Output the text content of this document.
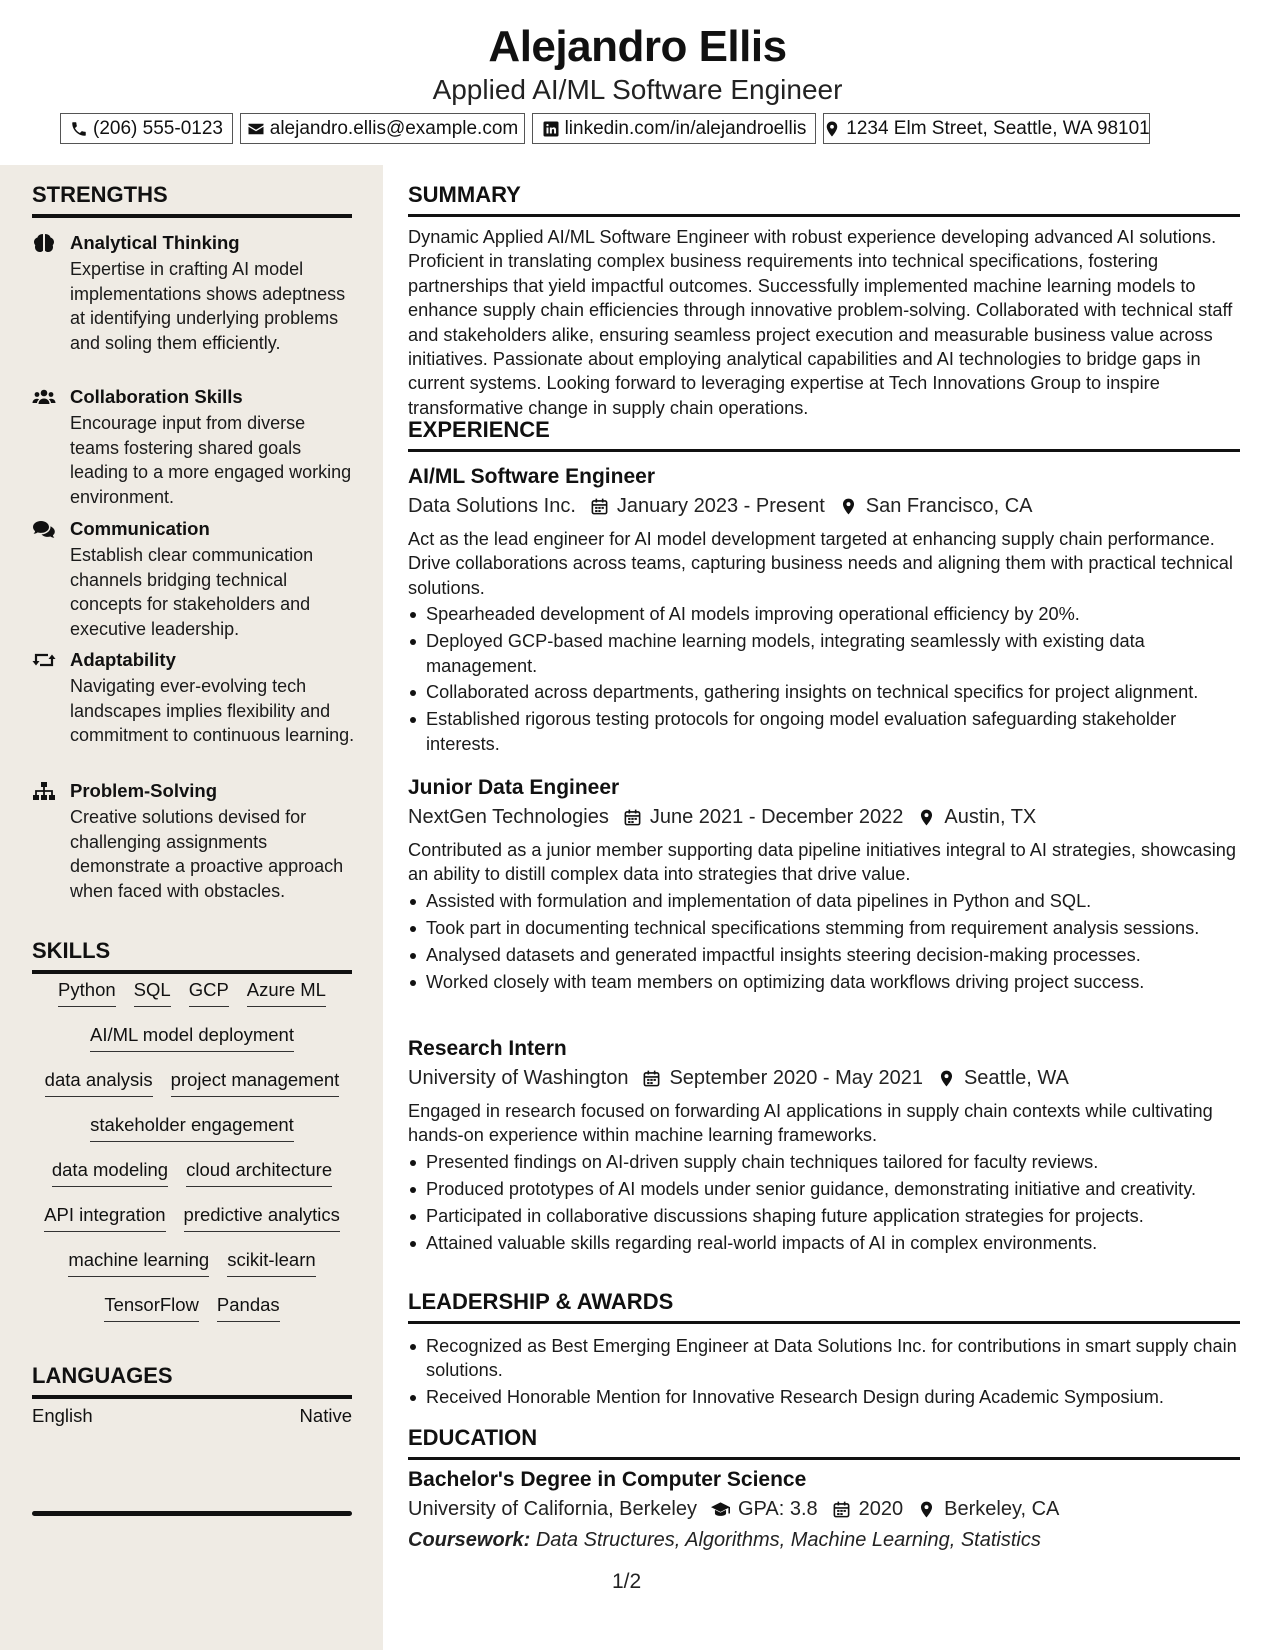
Alejandro Ellis
Applied AI/ML Software Engineer
(206) 555-0123 alejandro.ellis@example.com linkedin.com/in/alejandroellis 1234 Elm Street, Seattle, WA 98101
STRENGTHS
Analytical Thinking
Expertise in crafting AI model implementations shows adeptness at identifying underlying problems and soling them efficiently.
Collaboration Skills
Encourage input from diverse teams fostering shared goals leading to a more engaged working environment.
Communication
Establish clear communication channels bridging technical concepts for stakeholders and executive leadership.
Adaptability
Navigating ever-evolving tech landscapes implies flexibility and commitment to continuous learning.
Problem-Solving
Creative solutions devised for challenging assignments demonstrate a proactive approach when faced with obstacles.
SKILLS
Python SQL GCP Azure ML
AI/ML model deployment
data analysis project management
stakeholder engagement
data modeling cloud architecture
API integration predictive analytics
machine learning scikit-learn
TensorFlow Pandas
LANGUAGES
English	Native
SUMMARY
Dynamic Applied AI/ML Software Engineer with robust experience developing advanced AI solutions. Proficient in translating complex business requirements into technical specifications, fostering partnerships that yield impactful outcomes. Successfully implemented machine learning models to enhance supply chain efficiencies through innovative problem-solving. Collaborated with technical staff and stakeholders alike, ensuring seamless project execution and measurable business value across initiatives. Passionate about employing analytical capabilities and AI technologies to bridge gaps in current systems. Looking forward to leveraging expertise at Tech Innovations Group to inspire transformative change in supply chain operations.
EXPERIENCE
AI/ML Software Engineer
Data Solutions Inc. January 2023 - Present San Francisco, CA
Act as the lead engineer for AI model development targeted at enhancing supply chain performance. Drive collaborations across teams, capturing business needs and aligning them with practical technical solutions.
Spearheaded development of AI models improving operational efficiency by 20%.
Deployed GCP-based machine learning models, integrating seamlessly with existing data management.
Collaborated across departments, gathering insights on technical specifics for project alignment.
Established rigorous testing protocols for ongoing model evaluation safeguarding stakeholder interests.
Junior Data Engineer
NextGen Technologies June 2021 - December 2022 Austin, TX
Contributed as a junior member supporting data pipeline initiatives integral to AI strategies, showcasing an ability to distill complex data into strategies that drive value.
Assisted with formulation and implementation of data pipelines in Python and SQL.
Took part in documenting technical specifications stemming from requirement analysis sessions.
Analysed datasets and generated impactful insights steering decision-making processes.
Worked closely with team members on optimizing data workflows driving project success.
Research Intern
University of Washington September 2020 - May 2021 Seattle, WA
Engaged in research focused on forwarding AI applications in supply chain contexts while cultivating hands-on experience within machine learning frameworks.
Presented findings on AI-driven supply chain techniques tailored for faculty reviews.
Produced prototypes of AI models under senior guidance, demonstrating initiative and creativity.
Participated in collaborative discussions shaping future application strategies for projects.
Attained valuable skills regarding real-world impacts of AI in complex environments.
LEADERSHIP & AWARDS
Recognized as Best Emerging Engineer at Data Solutions Inc. for contributions in smart supply chain solutions.
Received Honorable Mention for Innovative Research Design during Academic Symposium.
EDUCATION
Bachelor's Degree in Computer Science
University of California, Berkeley GPA: 3.8 2020 Berkeley, CA
Coursework: Data Structures, Algorithms, Machine Learning, Statistics
1/2
